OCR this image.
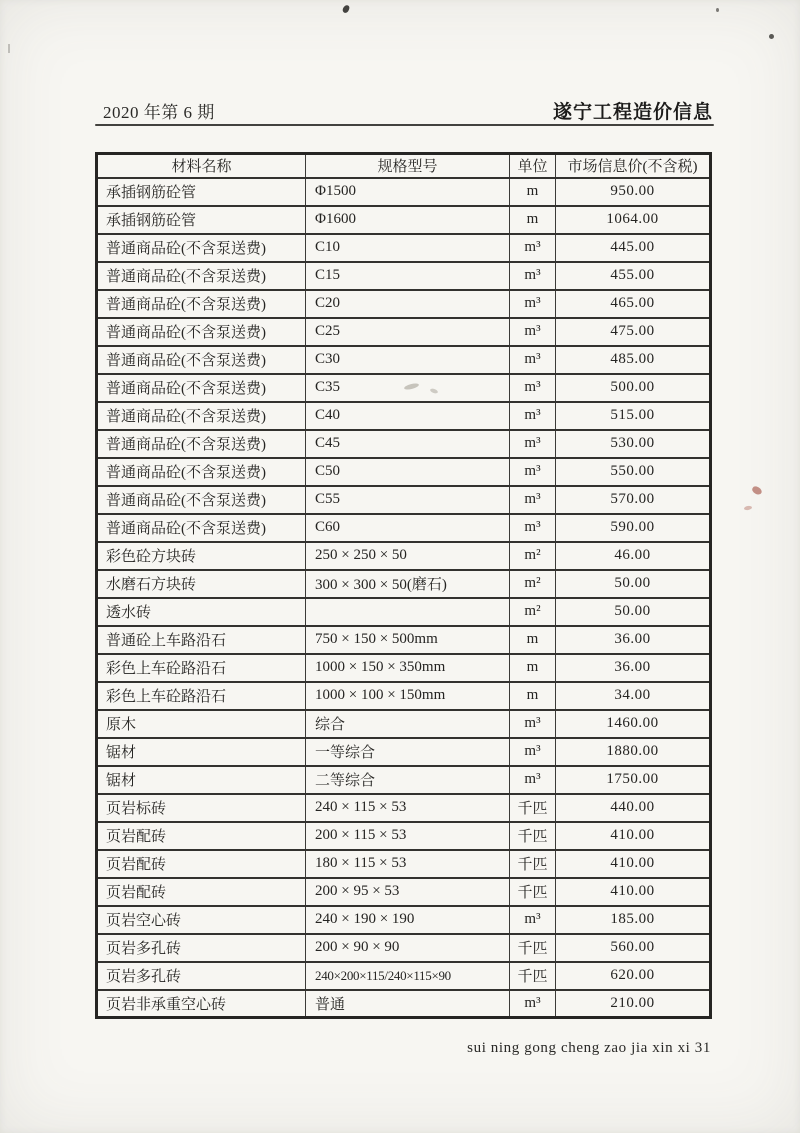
2020 年第 6 期	遂宁工程造价信息
材料名称	规格型号	单位	市场信息价(不含税)
承插钢筋砼管	Φ1500	m	950.00
承插钢筋砼管	Φ1600	m	1064.00
普通商品砼(不含泵送费)	C10	m³	445.00
普通商品砼(不含泵送费)	C15	m³	455.00
普通商品砼(不含泵送费)	C20	m³	465.00
普通商品砼(不含泵送费)	C25	m³	475.00
普通商品砼(不含泵送费)	C30	m³	485.00
普通商品砼(不含泵送费)	C35	m³	500.00
普通商品砼(不含泵送费)	C40	m³	515.00
普通商品砼(不含泵送费)	C45	m³	530.00
普通商品砼(不含泵送费)	C50	m³	550.00
普通商品砼(不含泵送费)	C55	m³	570.00
普通商品砼(不含泵送费)	C60	m³	590.00
彩色砼方块砖	250 × 250 × 50	m²	46.00
水磨石方块砖	300 × 300 × 50(磨石)	m²	50.00
透水砖		m²	50.00
普通砼上车路沿石	750 × 150 × 500mm	m	36.00
彩色上车砼路沿石	1000 × 150 × 350mm	m	36.00
彩色上车砼路沿石	1000 × 100 × 150mm	m	34.00
原木	综合	m³	1460.00
锯材	一等综合	m³	1880.00
锯材	二等综合	m³	1750.00
页岩标砖	240 × 115 × 53	千匹	440.00
页岩配砖	200 × 115 × 53	千匹	410.00
页岩配砖	180 × 115 × 53	千匹	410.00
页岩配砖	200 × 95 × 53	千匹	410.00
页岩空心砖	240 × 190 × 190	m³	185.00
页岩多孔砖	200 × 90 × 90	千匹	560.00
页岩多孔砖	240×200×115/240×115×90	千匹	620.00
页岩非承重空心砖	普通	m³	210.00
sui ning gong cheng zao jia xin xi 31
